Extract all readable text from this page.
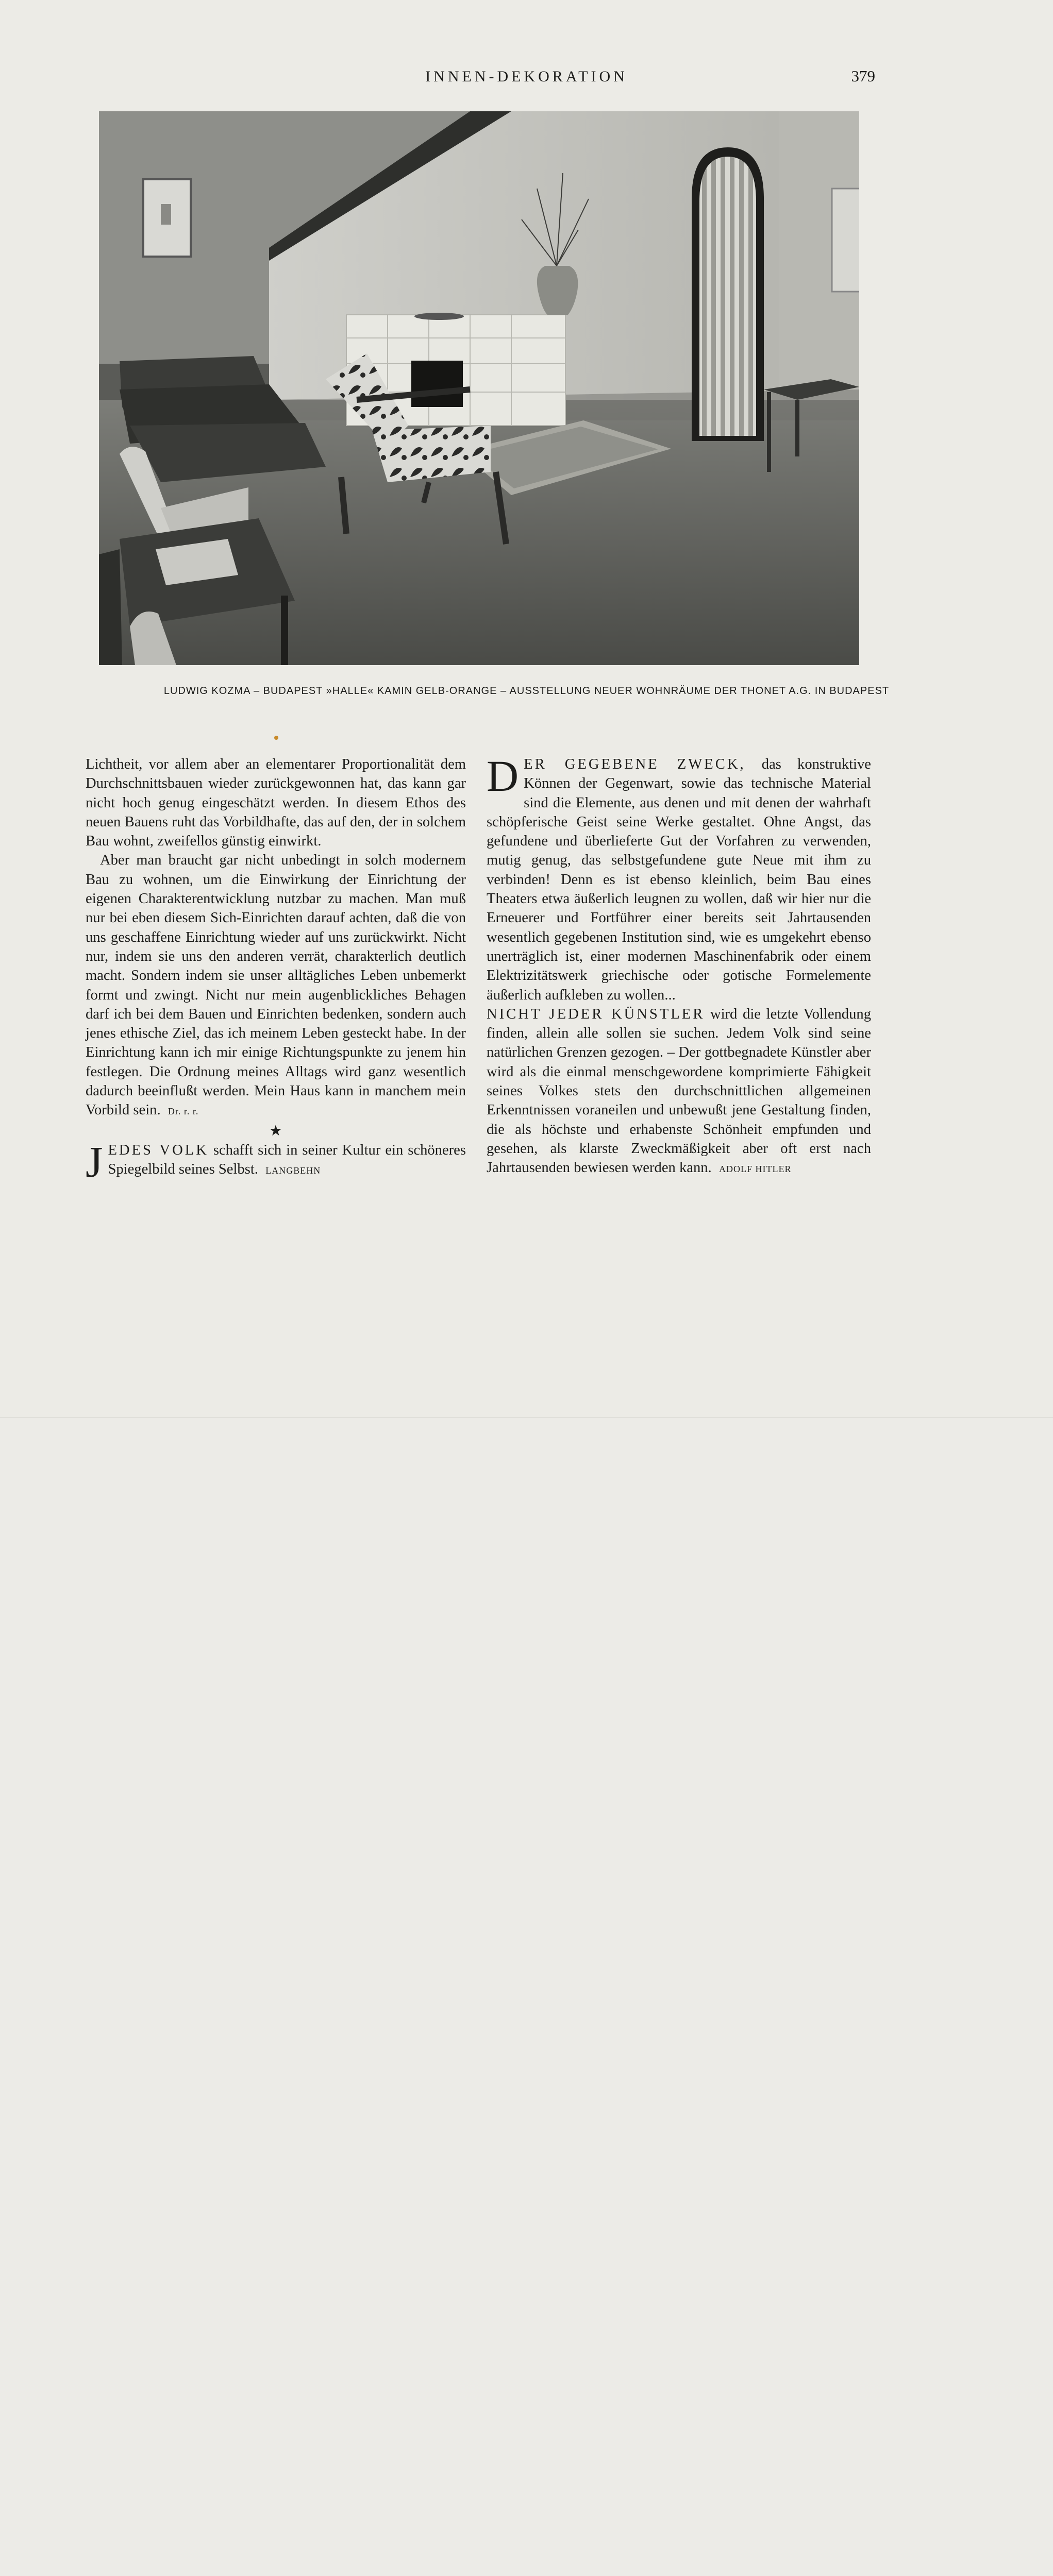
INNEN-DEKORATION	379
LUDWIG KOZMA – BUDAPEST »HALLE« KAMIN GELB-ORANGE – AUSSTELLUNG NEUER WOHNRÄUME DER THONET A.G. IN BUDAPEST

Lichtheit, vor allem aber an elementarer Proportionalität dem Durchschnittsbauen wieder zurückgewonnen hat, das kann gar nicht hoch genug eingeschätzt werden. In diesem Ethos des neuen Bauens ruht das Vorbildhafte, das auf den, der in solchem Bau wohnt, zweifellos günstig einwirkt.

Aber man braucht gar nicht unbedingt in solch modernem Bau zu wohnen, um die Einwirkung der Einrichtung der eigenen Charakterentwicklung nutzbar zu machen. Man muß nur bei eben diesem Sich-Einrichten darauf achten, daß die von uns geschaffene Einrichtung wieder auf uns zurückwirkt. Nicht nur, indem sie uns den anderen verrät, charakterlich deutlich macht. Sondern indem sie unser alltägliches Leben unbemerkt formt und zwingt. Nicht nur mein augenblickliches Behagen darf ich bei dem Bauen und Einrichten bedenken, sondern auch jenes ethische Ziel, das ich meinem Leben gesteckt habe. In der Einrichtung kann ich mir einige Richtungspunkte zu jenem hin festlegen. Die Ordnung meines Alltags wird ganz wesentlich dadurch beeinflußt werden. Mein Haus kann in manchem mein Vorbild sein. Dr. r. r.

★

JEDES VOLK schafft sich in seiner Kultur ein schöneres Spiegelbild seines Selbst. LANGBEHN

DER GEGEBENE ZWECK, das konstruktive Können der Gegenwart, sowie das technische Material sind die Elemente, aus denen und mit denen der wahrhaft schöpferische Geist seine Werke gestaltet. Ohne Angst, das gefundene und überlieferte Gut der Vorfahren zu verwenden, mutig genug, das selbstgefundene gute Neue mit ihm zu verbinden! Denn es ist ebenso kleinlich, beim Bau eines Theaters etwa äußerlich leugnen zu wollen, daß wir hier nur die Erneuerer und Fortführer einer bereits seit Jahrtausenden wesentlich gegebenen Institution sind, wie es umgekehrt ebenso unerträglich ist, einer modernen Maschinenfabrik oder einem Elektrizitätswerk griechische oder gotische Formelemente äußerlich aufkleben zu wollen...

NICHT JEDER KÜNSTLER wird die letzte Vollendung finden, allein alle sollen sie suchen. Jedem Volk sind seine natürlichen Grenzen gezogen. – Der gottbegnadete Künstler aber wird als die einmal menschgewordene komprimierte Fähigkeit seines Volkes stets den durchschnittlichen allgemeinen Erkenntnissen voraneilen und unbewußt jene Gestaltung finden, die als höchste und erhabenste Schönheit empfunden und gesehen, als klarste Zweckmäßigkeit aber oft erst nach Jahrtausenden bewiesen werden kann. ADOLF HITLER
